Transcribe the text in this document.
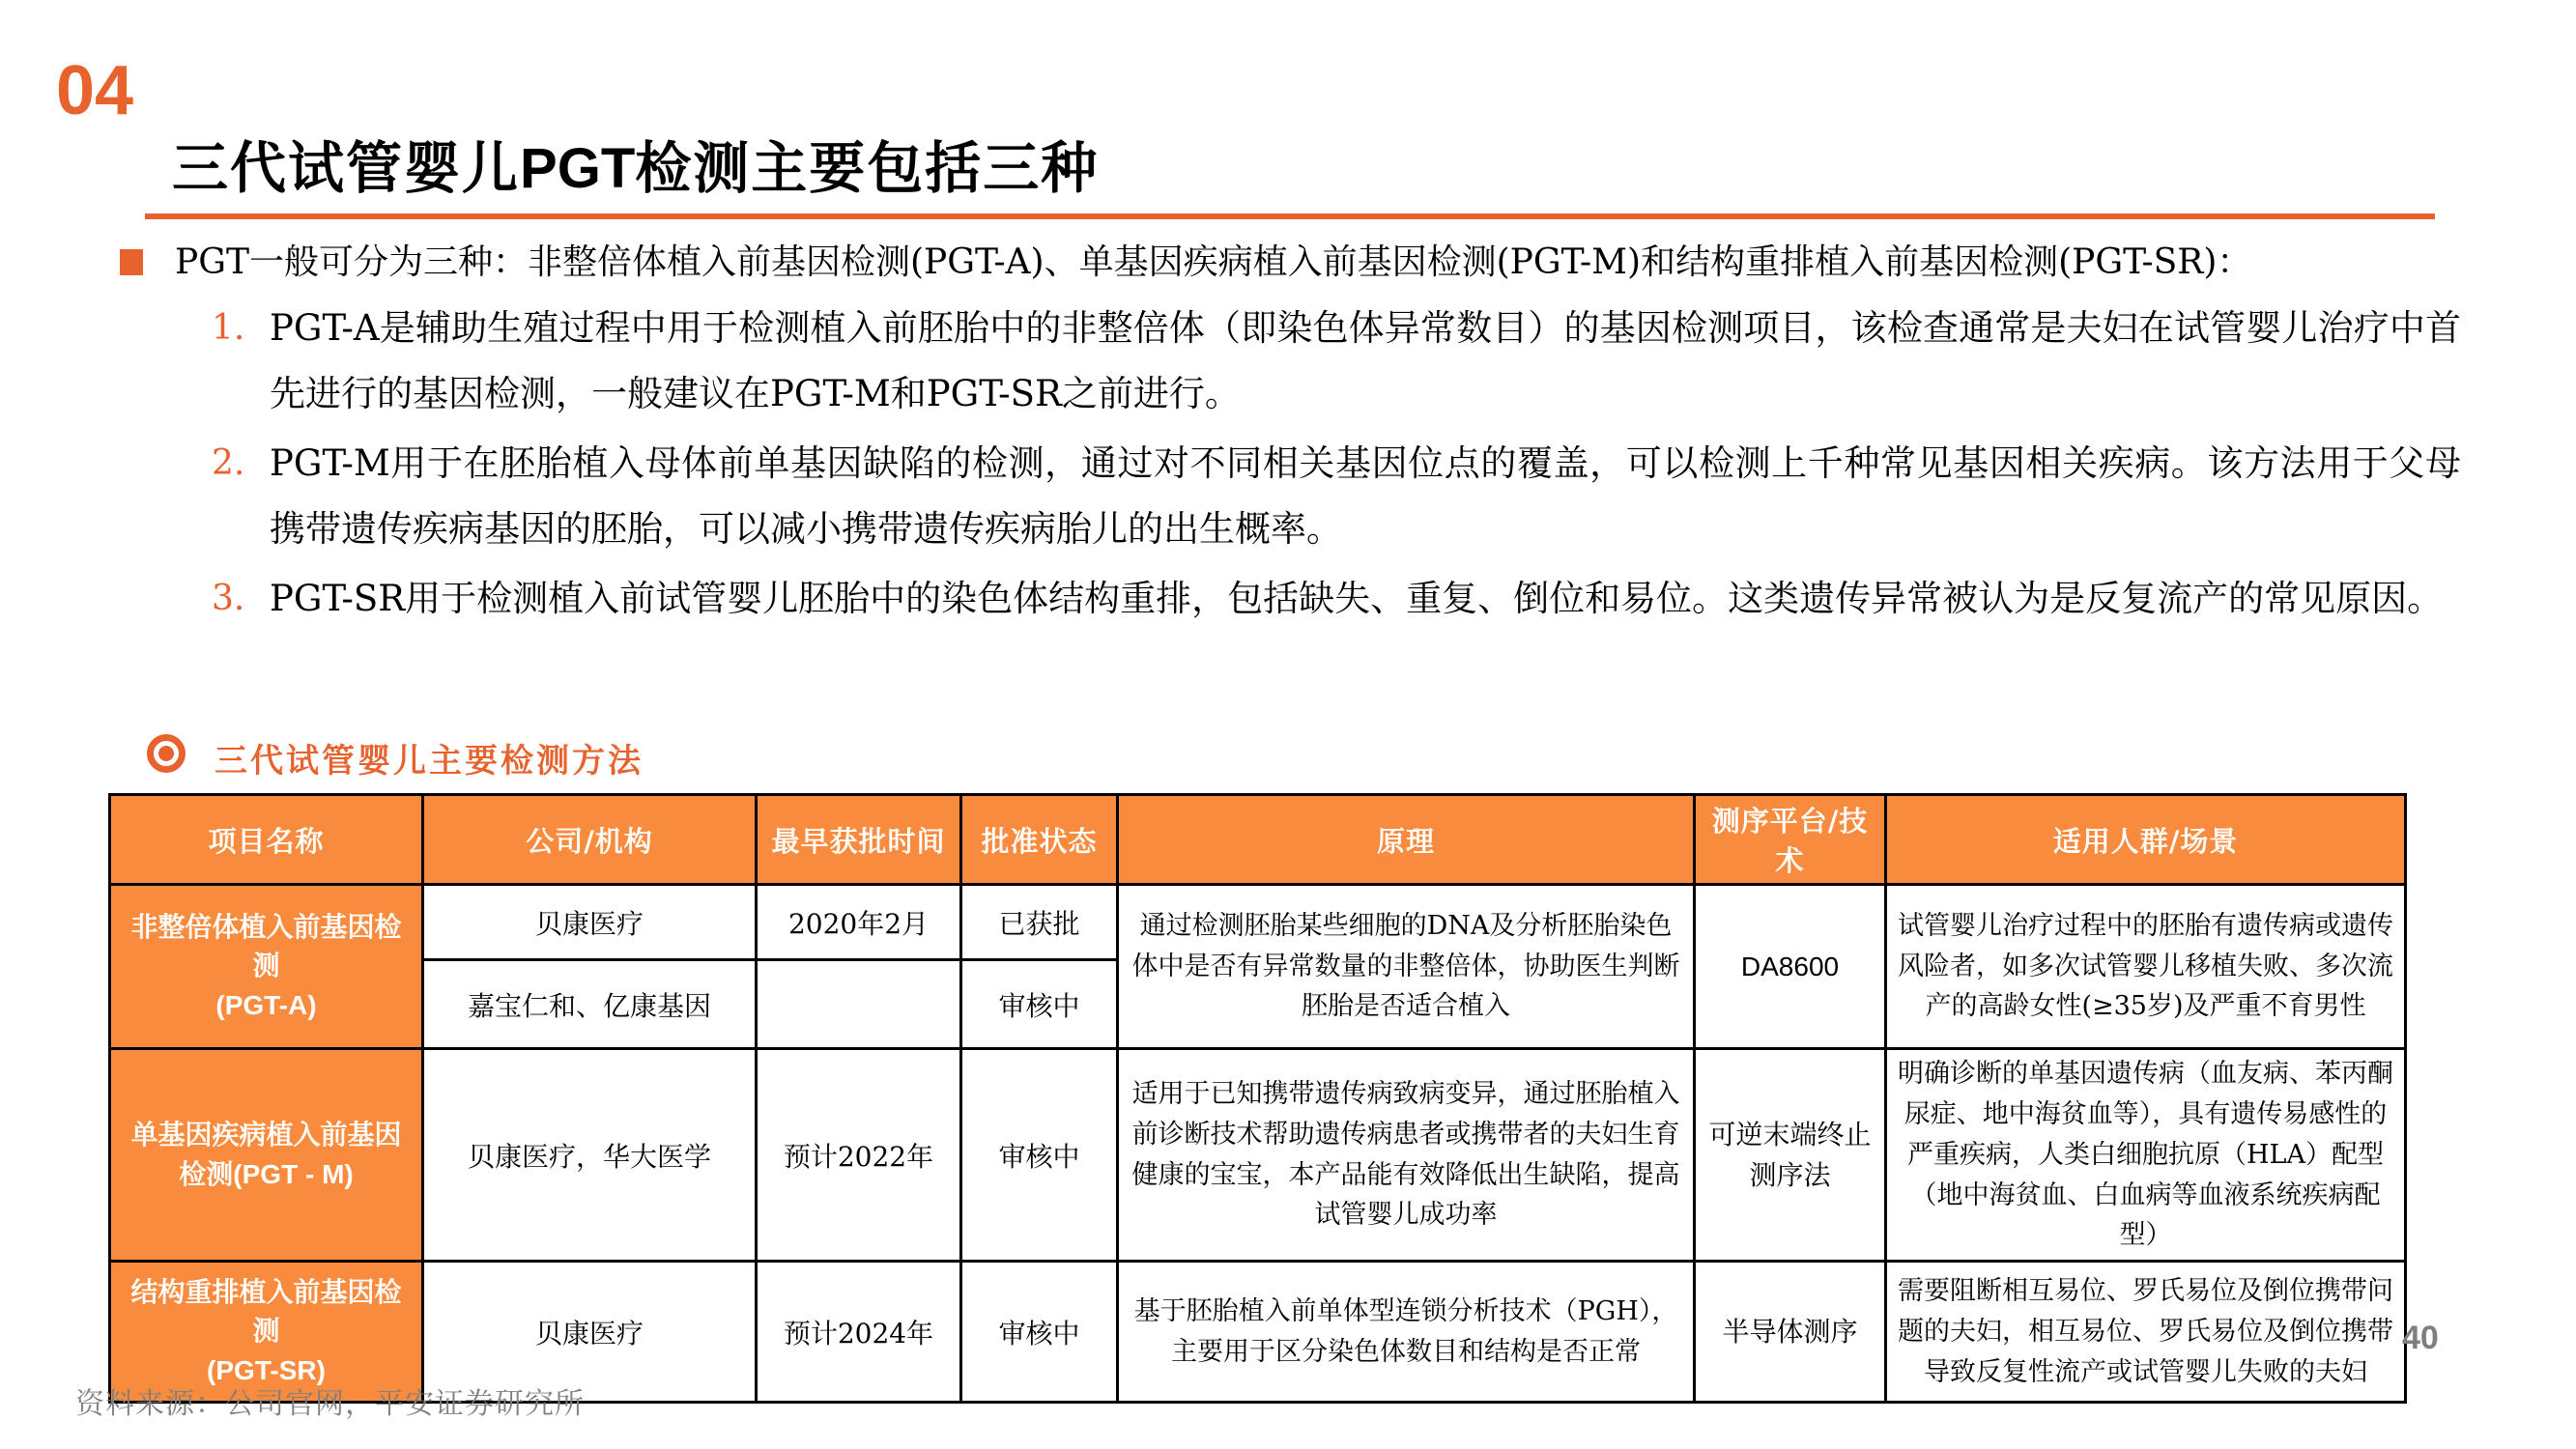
04
三代试管婴儿PGT检测主要包括三种
PGT一般可分为三种：非整倍体植入前基因检测(PGT-A)、单基因疾病植入前基因检测(PGT-M)和结构重排植入前基因检测(PGT-SR)：
1. PGT-A是辅助生殖过程中用于检测植入前胚胎中的非整倍体（即染色体异常数目）的基因检测项目，该检查通常是夫妇在试管婴儿治疗中首先进行的基因检测，一般建议在PGT-M和PGT-SR之前进行。
2. PGT-M用于在胚胎植入母体前单基因缺陷的检测，通过对不同相关基因位点的覆盖，可以检测上千种常见基因相关疾病。该方法用于父母携带遗传疾病基因的胚胎，可以减小携带遗传疾病胎儿的出生概率。
3. PGT-SR用于检测植入前试管婴儿胚胎中的染色体结构重排，包括缺失、重复、倒位和易位。这类遗传异常被认为是反复流产的常见原因。
三代试管婴儿主要检测方法
项目名称	公司/机构	最早获批时间	批准状态	原理	测序平台/技术	适用人群/场景
非整倍体植入前基因检测
(PGT-A)	贝康医疗	2020年2月	已获批	通过检测胚胎某些细胞的DNA及分析胚胎染色体中是否有异常数量的非整倍体，协助医生判断胚胎是否适合植入	DA8600	试管婴儿治疗过程中的胚胎有遗传病或遗传风险者，如多次试管婴儿移植失败、多次流产的高龄女性(≥35岁)及严重不育男性
	嘉宝仁和、亿康基因		审核中			
单基因疾病植入前基因检测(PGT - M)	贝康医疗，华大医学	预计2022年	审核中	适用于已知携带遗传病致病变异，通过胚胎植入前诊断技术帮助遗传病患者或携带者的夫妇生育健康的宝宝，本产品能有效降低出生缺陷，提高试管婴儿成功率	可逆末端终止测序法	明确诊断的单基因遗传病（血友病、苯丙酮尿症、地中海贫血等），具有遗传易感性的严重疾病，人类白细胞抗原（HLA）配型（地中海贫血、白血病等血液系统疾病配型）
结构重排植入前基因检测
(PGT-SR)	贝康医疗	预计2024年	审核中	基于胚胎植入前单体型连锁分析技术（PGH），主要用于区分染色体数目和结构是否正常	半导体测序	需要阻断相互易位、罗氏易位及倒位携带问题的夫妇，相互易位、罗氏易位及倒位携带导致反复性流产或试管婴儿失败的夫妇
40
资料来源：公司官网，平安证券研究所
